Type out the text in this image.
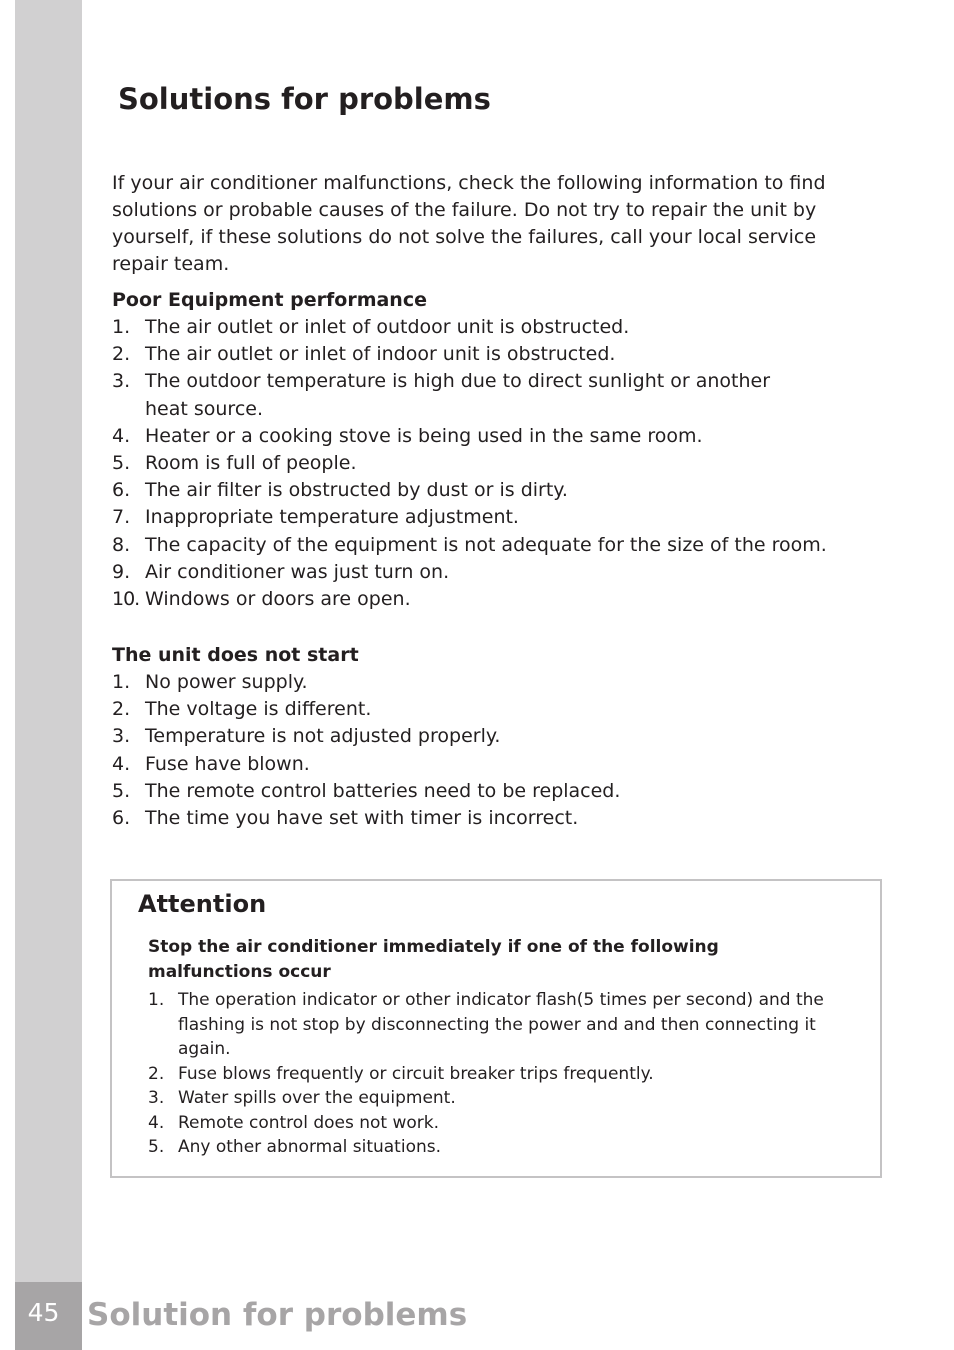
45 Solution for problems
Solutions for problems

If your air conditioner malfunctions, check the following information to find solutions or probable causes of the failure. Do not try to repair the unit by yourself, if these solutions do not solve the failures, call your local service repair team.

Poor Equipment performance
1. The air outlet or inlet of outdoor unit is obstructed.
2. The air outlet or inlet of indoor unit is obstructed.
3. The outdoor temperature is high due to direct sunlight or another heat source.
4. Heater or a cooking stove is being used in the same room.
5. Room is full of people.
6. The air filter is obstructed by dust or is dirty.
7. Inappropriate temperature adjustment.
8. The capacity of the equipment is not adequate for the size of the room.
9. Air conditioner was just turn on.
10. Windows or doors are open.
The unit does not start
1. No power supply.
2. The voltage is different.
3. Temperature is not adjusted properly.
4. Fuse have blown.
5. The remote control batteries need to be replaced.
6. The time you have set with timer is incorrect.
Attention

Stop the air conditioner immediately if one of the following malfunctions occur

1. The operation indicator or other indicator flash(5 times per second) and the flashing is not stop by disconnecting the power and and then connecting it again.
2. Fuse blows frequently or circuit breaker trips frequently.
3. Water spills over the equipment.
4. Remote control does not work.
5. Any other abnormal situations.
